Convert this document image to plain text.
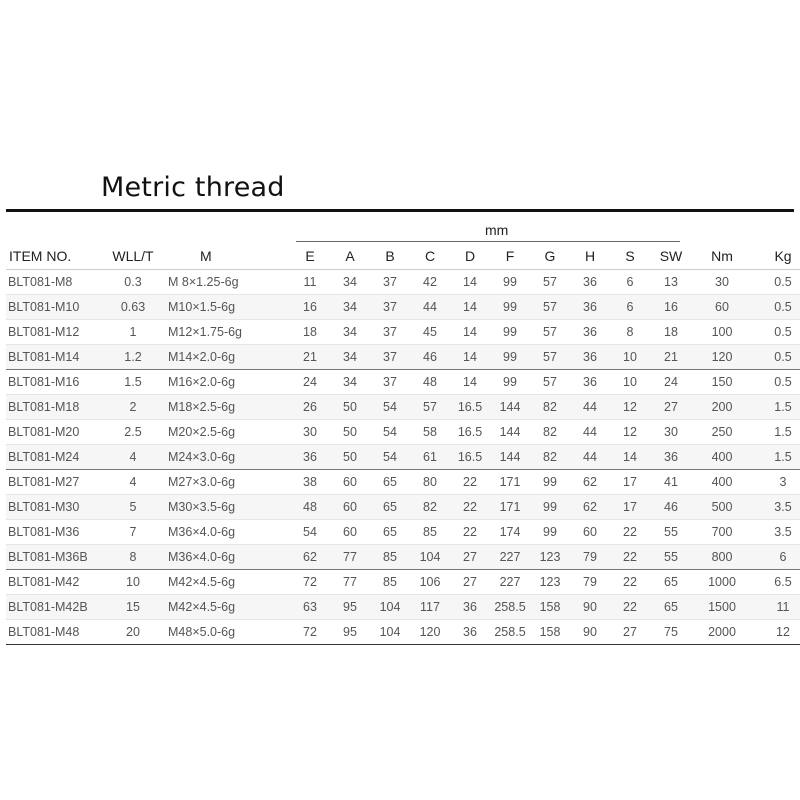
Metric thread
mm
ITEM NO.	WLL/T	M	E	A	B	C	D	F	G	H	S	SW	Nm	Kg
BLT081-M8	0.3	M 8×1.25-6g	11	34	37	42	14	99	57	36	6	13	30	0.5
BLT081-M10	0.63	M10×1.5-6g	16	34	37	44	14	99	57	36	6	16	60	0.5
BLT081-M12	1	M12×1.75-6g	18	34	37	45	14	99	57	36	8	18	100	0.5
BLT081-M14	1.2	M14×2.0-6g	21	34	37	46	14	99	57	36	10	21	120	0.5
BLT081-M16	1.5	M16×2.0-6g	24	34	37	48	14	99	57	36	10	24	150	0.5
BLT081-M18	2	M18×2.5-6g	26	50	54	57	16.5	144	82	44	12	27	200	1.5
BLT081-M20	2.5	M20×2.5-6g	30	50	54	58	16.5	144	82	44	12	30	250	1.5
BLT081-M24	4	M24×3.0-6g	36	50	54	61	16.5	144	82	44	14	36	400	1.5
BLT081-M27	4	M27×3.0-6g	38	60	65	80	22	171	99	62	17	41	400	3
BLT081-M30	5	M30×3.5-6g	48	60	65	82	22	171	99	62	17	46	500	3.5
BLT081-M36	7	M36×4.0-6g	54	60	65	85	22	174	99	60	22	55	700	3.5
BLT081-M36B	8	M36×4.0-6g	62	77	85	104	27	227	123	79	22	55	800	6
BLT081-M42	10	M42×4.5-6g	72	77	85	106	27	227	123	79	22	65	1000	6.5
BLT081-M42B	15	M42×4.5-6g	63	95	104	117	36	258.5	158	90	22	65	1500	11
BLT081-M48	20	M48×5.0-6g	72	95	104	120	36	258.5	158	90	27	75	2000	12
